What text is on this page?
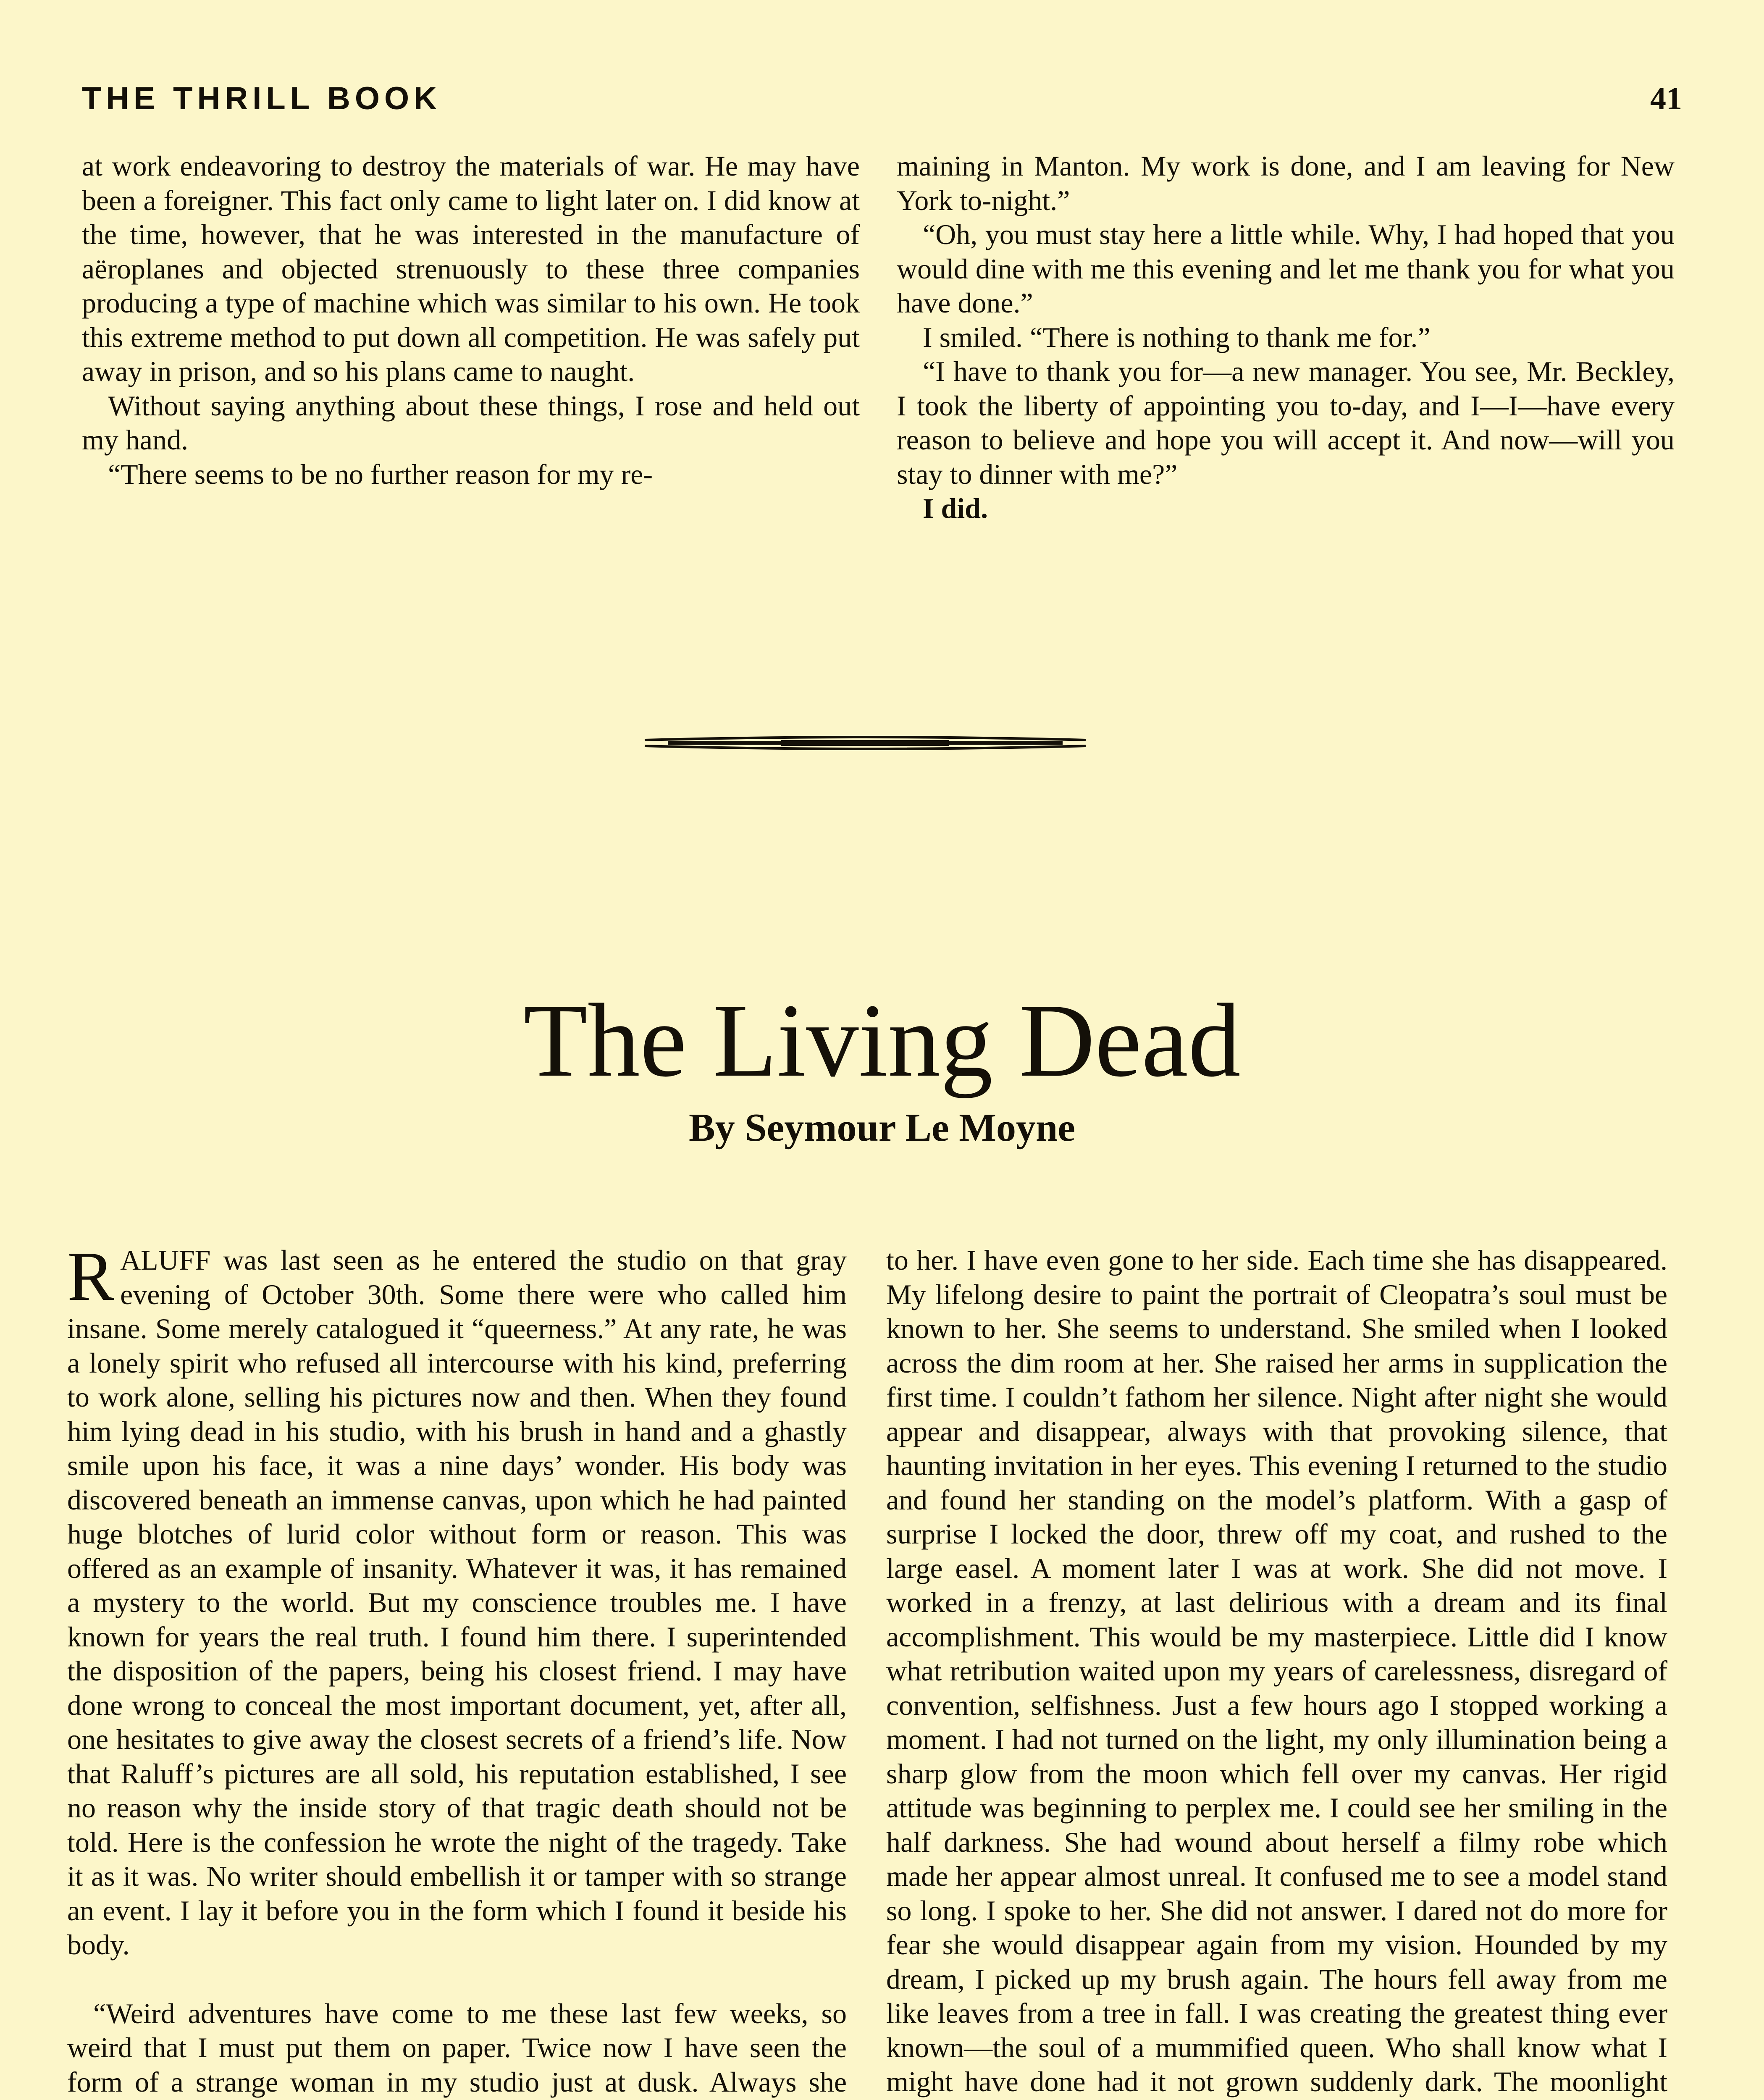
THE THRILL BOOK	41

at work endeavoring to destroy the materials of war. He may have been a foreigner. This fact only came to light later on. I did know at the time, however, that he was interested in the manufacture of aëroplanes and objected strenuously to these three companies producing a type of machine which was similar to his own. He took this extreme method to put down all competition. He was safely put away in prison, and so his plans came to naught.

Without saying anything about these things, I rose and held out my hand.

“There seems to be no further reason for my re-

maining in Manton. My work is done, and I am leaving for New York to-night.”

“Oh, you must stay here a little while. Why, I had hoped that you would dine with me this evening and let me thank you for what you have done.”

I smiled. “There is nothing to thank me for.”

“I have to thank you for—a new manager. You see, Mr. Beckley, I took the liberty of appointing you to-day, and I—I—have every reason to believe and hope you will accept it. And now—will you stay to dinner with me?”

I did.

The Living Dead
By Seymour Le Moyne

RALUFF was last seen as he entered the studio on that gray evening of October 30th. Some there were who called him insane. Some merely catalogued it “queerness.” At any rate, he was a lonely spirit who refused all intercourse with his kind, preferring to work alone, selling his pictures now and then. When they found him lying dead in his studio, with his brush in hand and a ghastly smile upon his face, it was a nine days’ wonder. His body was discovered beneath an immense canvas, upon which he had painted huge blotches of lurid color without form or reason. This was offered as an example of insanity. Whatever it was, it has remained a mystery to the world. But my conscience troubles me. I have known for years the real truth. I found him there. I superintended the disposition of the papers, being his closest friend. I may have done wrong to conceal the most important document, yet, after all, one hesitates to give away the closest secrets of a friend’s life. Now that Raluff’s pictures are all sold, his reputation established, I see no reason why the inside story of that tragic death should not be told. Here is the confession he wrote the night of the tragedy. Take it as it was. No writer should embellish it or tamper with so strange an event. I lay it before you in the form which I found it beside his body.

“Weird adventures have come to me these last few weeks, so weird that I must put them on paper. Twice now I have seen the form of a strange woman in my studio just at dusk. Always she

to her. I have even gone to her side. Each time she has disappeared. My lifelong desire to paint the portrait of Cleopatra’s soul must be known to her. She seems to understand. She smiled when I looked across the dim room at her. She raised her arms in supplication the first time. I couldn’t fathom her silence. Night after night she would appear and disappear, always with that provoking silence, that haunting invitation in her eyes. This evening I returned to the studio and found her standing on the model’s platform. With a gasp of surprise I locked the door, threw off my coat, and rushed to the large easel. A moment later I was at work. She did not move. I worked in a frenzy, at last delirious with a dream and its final accomplishment. This would be my masterpiece. Little did I know what retribution waited upon my years of carelessness, disregard of convention, selfishness. Just a few hours ago I stopped working a moment. I had not turned on the light, my only illumination being a sharp glow from the moon which fell over my canvas. Her rigid attitude was beginning to perplex me. I could see her smiling in the half darkness. She had wound about herself a filmy robe which made her appear almost unreal. It confused me to see a model stand so long. I spoke to her. She did not answer. I dared not do more for fear she would disappear again from my vision. Hounded by my dream, I picked up my brush again. The hours fell away from me like leaves from a tree in fall. I was creating the greatest thing ever known—the soul of a mummified queen. Who shall know what I might have done had it not grown suddenly dark. The moonlight
